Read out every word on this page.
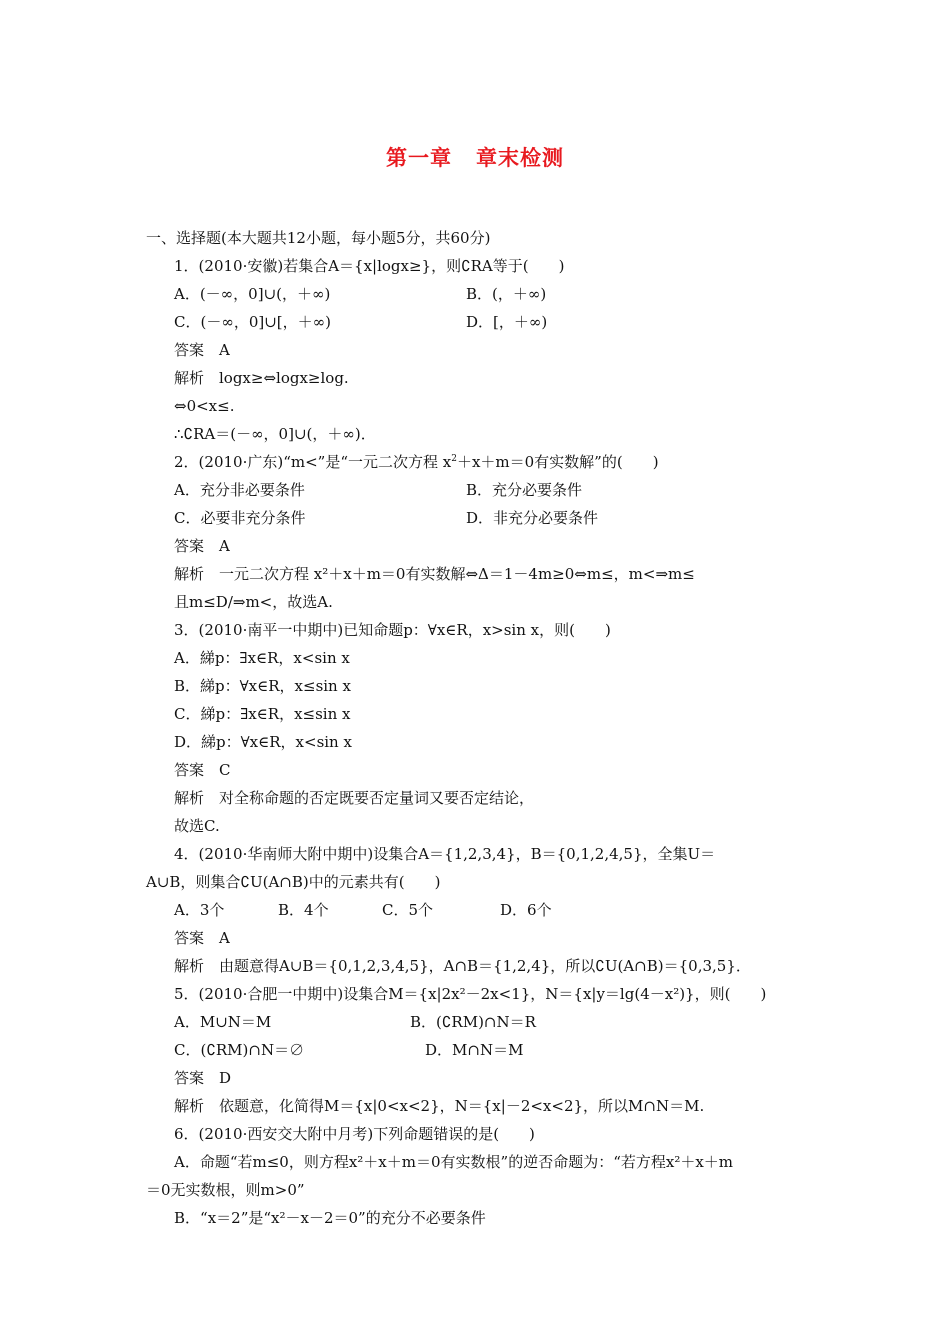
第一章 章末检测
一、选择题(本大题共12小题，每小题5分，共60分)
1．(2010·安徽)若集合A＝{x|logx≥}，则∁RA等于(　　)
A．(－∞，0]∪(，＋∞)	B．(，＋∞)
C．(－∞，0]∪[，＋∞)	D．[，＋∞)
答案　A
解析　logx≥⇔logx≥log.
⇔0<x≤.
∴∁RA＝(－∞，0]∪(，＋∞)．
2．(2010·广东)“m<”是“一元二次方程 $x^2+x+m=0$有实数解”的(　　)
A．充分非必要条件	B．充分必要条件
C．必要非充分条件	D．非充分必要条件
答案　A
解析　一元二次方程 x²＋x＋m＝0有实数解⇔Δ＝1－4m≥0⇔m≤，m<⇒m≤
且m≤D/⇒m<，故选A.
3．(2010·南平一中期中)已知命题p：∀x∈R，x>sin x，则(　　)
A．綈p：∃x∈R，x<sin x
B．綈p：∀x∈R，x≤sin x
C．綈p：∃x∈R，x≤sin x
D．綈p：∀x∈R，x<sin x
答案　C
解析　对全称命题的否定既要否定量词又要否定结论，
故选C.
4．(2010·华南师大附中期中)设集合A＝{1,2,3,4}，B＝{0,1,2,4,5}，全集U＝
A∪B，则集合∁U(A∩B)中的元素共有(　　)
A．3个	B．4个	C．5个	D．6个
答案　A
解析　由题意得A∪B＝{0,1,2,3,4,5}，A∩B＝{1,2,4}，所以∁U(A∩B)＝{0,3,5}．
5．(2010·合肥一中期中)设集合M＝{x|2x²－2x<1}，N＝{x|y＝lg(4－x²)}，则(　　)
A．M∪N＝M	B．(∁RM)∩N＝R
C．(∁RM)∩N＝∅	D．M∩N＝M
答案　D
解析　依题意，化简得M＝{x|0<x<2}，N＝{x|－2<x<2}，所以M∩N＝M.
6．(2010·西安交大附中月考)下列命题错误的是(　　)
A．命题“若m≤0，则方程x²＋x＋m＝0有实数根”的逆否命题为：“若方程x²＋x＋m
＝0无实数根，则m>0”
B．“x＝2”是“x²－x－2＝0”的充分不必要条件
